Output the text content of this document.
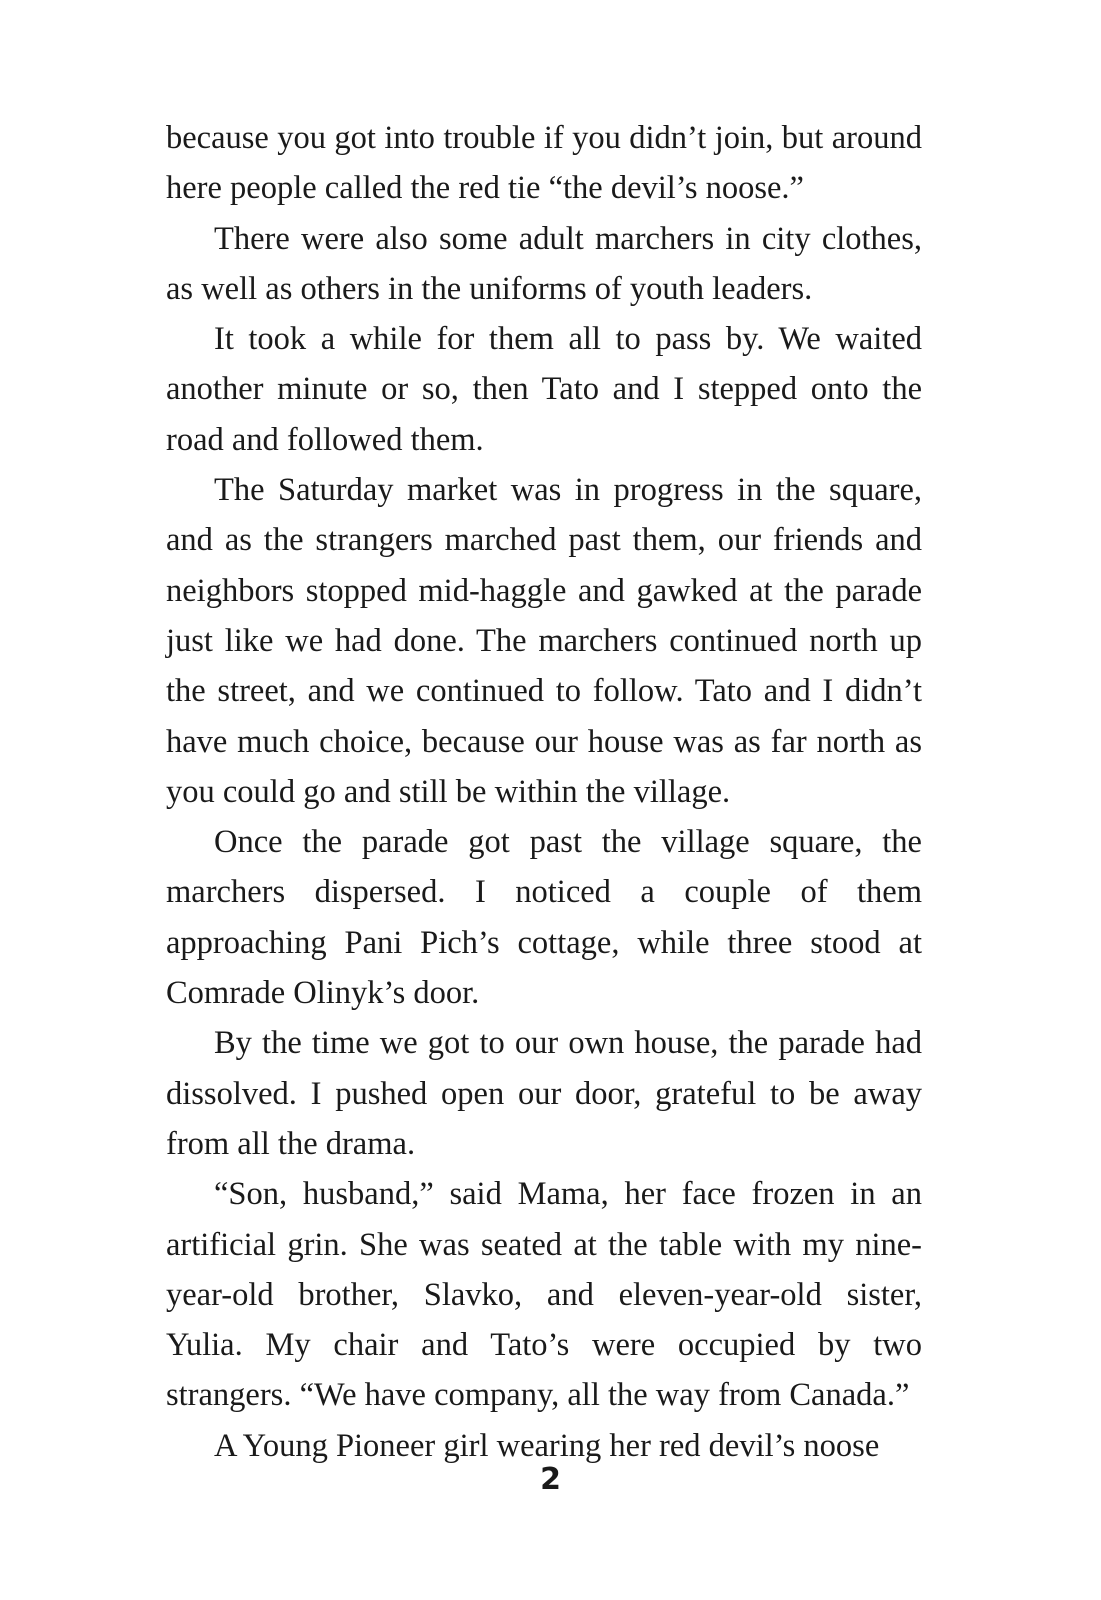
because you got into trouble if you didn’t join, but around here people called the red tie “the devil’s noose.”

There were also some adult marchers in city clothes, as well as others in the uniforms of youth leaders.

It took a while for them all to pass by. We waited another minute or so, then Tato and I stepped onto the road and followed them.

The Saturday market was in progress in the square, and as the strangers marched past them, our friends and neighbors stopped mid-haggle and gawked at the parade just like we had done. The marchers continued north up the street, and we continued to follow. Tato and I didn’t have much choice, because our house was as far north as you could go and still be within the village.

Once the parade got past the village square, the marchers dispersed. I noticed a couple of them approaching Pani Pich’s cottage, while three stood at Comrade Olinyk’s door.

By the time we got to our own house, the parade had dissolved. I pushed open our door, grateful to be away from all the drama.

“Son, husband,” said Mama, her face frozen in an artificial grin. She was seated at the table with my nine-year-old brother, Slavko, and eleven-year-old sister, Yulia. My chair and Tato’s were occupied by two strangers. “We have company, all the way from Canada.”

A Young Pioneer girl wearing her red devil’s noose

2
